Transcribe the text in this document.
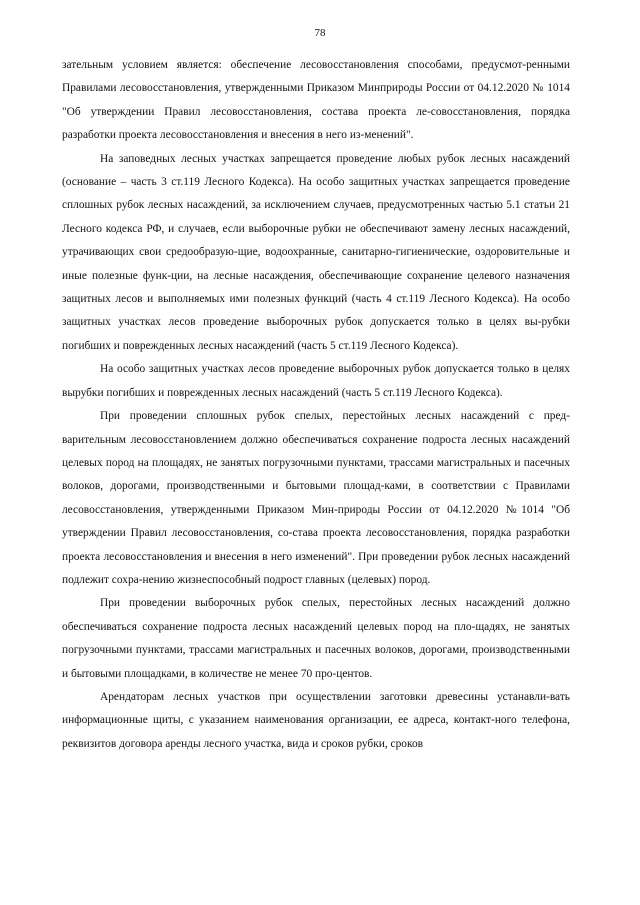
78

зательным условием является: обеспечение лесовосстановления способами, предусмот-ренными Правилами лесовосстановления, утвержденными Приказом Минприроды России от 04.12.2020 № 1014 "Об утверждении Правил лесовосстановления, состава проекта ле-совосстановления, порядка разработки проекта лесовосстановления и внесения в него из-менений".

На заповедных лесных участках запрещается проведение любых рубок лесных насаждений (основание – часть 3 ст.119 Лесного Кодекса). На особо защитных участках запрещается проведение сплошных рубок лесных насаждений, за исключением случаев, предусмотренных частью 5.1 статьи 21 Лесного кодекса РФ, и случаев, если выборочные рубки не обеспечивают замену лесных насаждений, утрачивающих свои средообразую-щие, водоохранные, санитарно-гигиенические, оздоровительные и иные полезные функ-ции, на лесные насаждения, обеспечивающие сохранение целевого назначения защитных лесов и выполняемых ими полезных функций (часть 4 ст.119 Лесного Кодекса). На особо защитных участках лесов проведение выборочных рубок допускается только в целях вы-рубки погибших и поврежденных лесных насаждений (часть 5 ст.119 Лесного Кодекса).

На особо защитных участках лесов проведение выборочных рубок допускается только в целях вырубки погибших и поврежденных лесных насаждений (часть 5 ст.119 Лесного Кодекса).

При проведении сплошных рубок спелых, перестойных лесных насаждений с пред-варительным лесовосстановлением должно обеспечиваться сохранение подроста лесных насаждений целевых пород на площадях, не занятых погрузочными пунктами, трассами магистральных и пасечных волоков, дорогами, производственными и бытовыми площад-ками, в соответствии с Правилами лесовосстановления, утвержденными Приказом Мин-природы России от 04.12.2020 №1014 "Об утверждении Правил лесовосстановления, со-става проекта лесовосстановления, порядка разработки проекта лесовосстановления и внесения в него изменений". При проведении рубок лесных насаждений подлежит сохра-нению жизнеспособный подрост главных (целевых) пород.

При проведении выборочных рубок спелых, перестойных лесных насаждений должно обеспечиваться сохранение подроста лесных насаждений целевых пород на пло-щадях, не занятых погрузочными пунктами, трассами магистральных и пасечных волоков, дорогами, производственными и бытовыми площадками, в количестве не менее 70 про-центов.

Арендаторам лесных участков при осуществлении заготовки древесины устанавли-вать информационные щиты, с указанием наименования организации, ее адреса, контакт-ного телефона, реквизитов договора аренды лесного участка, вида и сроков рубки, сроков
